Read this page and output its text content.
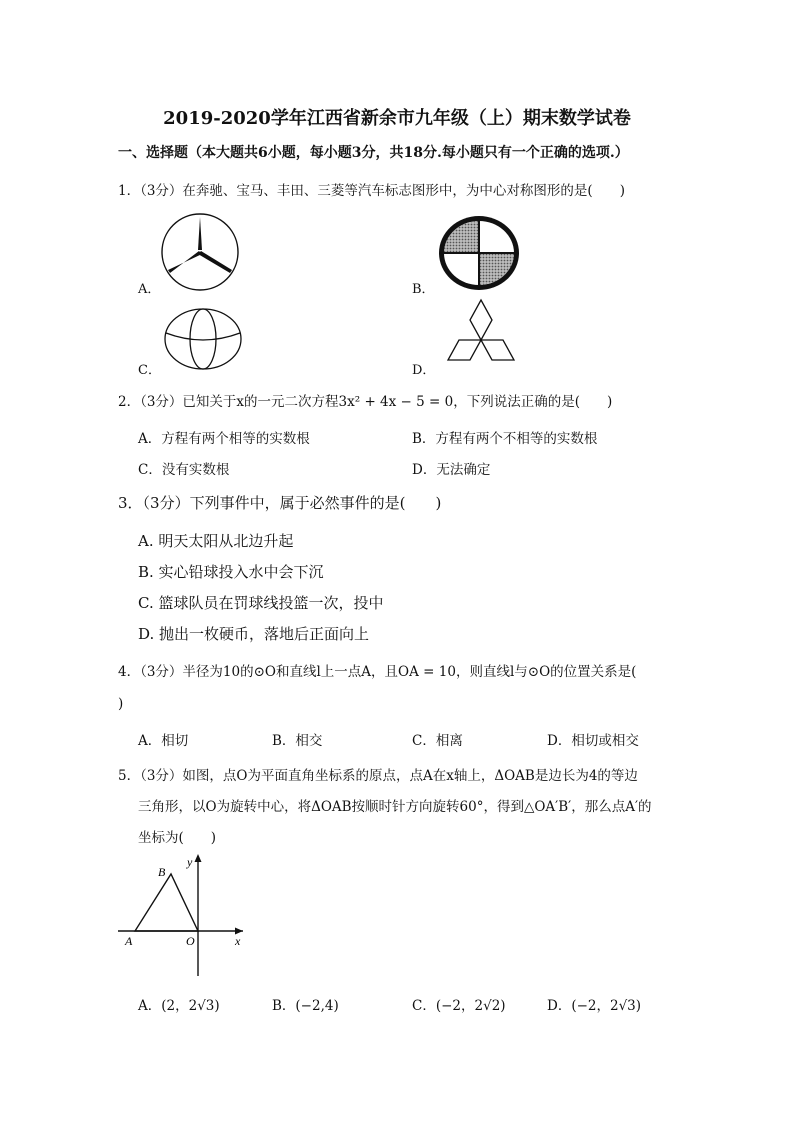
2019-2020学年江西省新余市九年级（上）期末数学试卷
一、选择题（本大题共6小题，每小题3分，共18分.每小题只有一个正确的选项.）
1．（3分）在奔驰、宝马、丰田、三菱等汽车标志图形中，为中心对称图形的是(　　)
A．	B．
C．	D．
2．（3分）已知关于x的一元二次方程3x² + 4x − 5 = 0，下列说法正确的是(　　)
A．方程有两个相等的实数根	B．方程有两个不相等的实数根
C．没有实数根	D．无法确定
3．（3分）下列事件中，属于必然事件的是(　　)
A. 明天太阳从北边升起
B. 实心铅球投入水中会下沉
C. 篮球队员在罚球线投篮一次，投中
D. 抛出一枚硬币，落地后正面向上
4．（3分）半径为10的⊙O和直线l上一点A，且OA = 10，则直线l与⊙O的位置关系是(
)
A．相切	B．相交	C．相离	D．相切或相交
5．（3分）如图，点O为平面直角坐标系的原点，点A在x轴上，ΔOAB是边长为4的等边
三角形，以O为旋转中心，将ΔOAB按顺时针方向旋转60°，得到△OA′B′，那么点A′的
坐标为(　　)
y
x
B
A	O
A．(2，2√3)	B．(−2,4)	C．(−2，2√2)	D．(−2，2√3)
